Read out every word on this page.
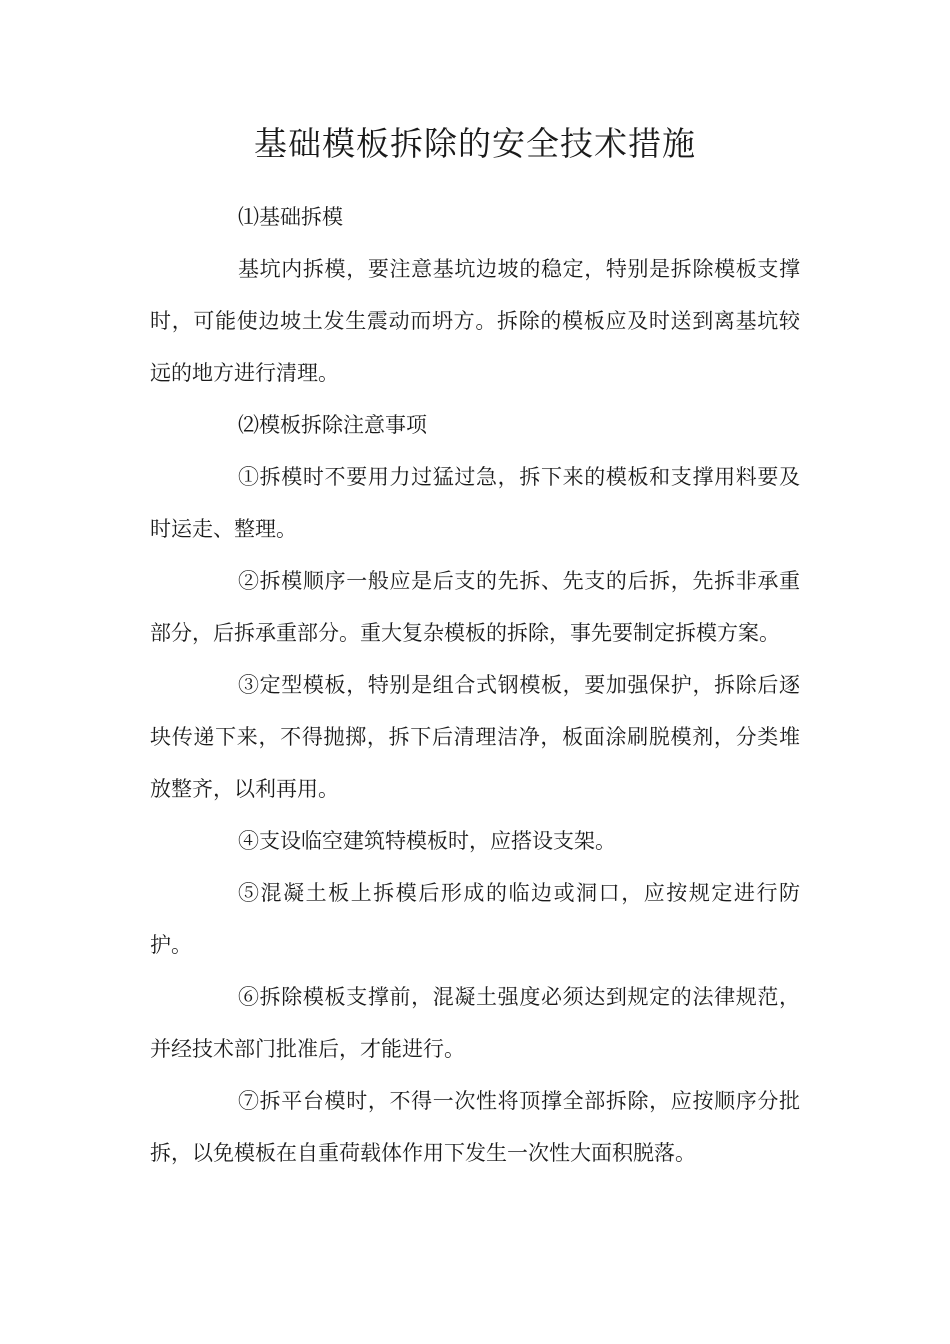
基础模板拆除的安全技术措施

⑴基础拆模

基坑内拆模，要注意基坑边坡的稳定，特别是拆除模板支撑时，可能使边坡土发生震动而坍方。拆除的模板应及时送到离基坑较远的地方进行清理。

⑵模板拆除注意事项

①拆模时不要用力过猛过急，拆下来的模板和支撑用料要及时运走、整理。

②拆模顺序一般应是后支的先拆、先支的后拆，先拆非承重部分，后拆承重部分。重大复杂模板的拆除，事先要制定拆模方案。

③定型模板，特别是组合式钢模板，要加强保护，拆除后逐块传递下来，不得抛掷，拆下后清理洁净，板面涂刷脱模剂，分类堆放整齐，以利再用。

④支设临空建筑特模板时，应搭设支架。

⑤混凝土板上拆模后形成的临边或洞口，应按规定进行防护。

⑥拆除模板支撑前，混凝土强度必须达到规定的法律规范，并经技术部门批准后，才能进行。

⑦拆平台模时，不得一次性将顶撑全部拆除，应按顺序分批拆，以免模板在自重荷载体作用下发生一次性大面积脱落。
